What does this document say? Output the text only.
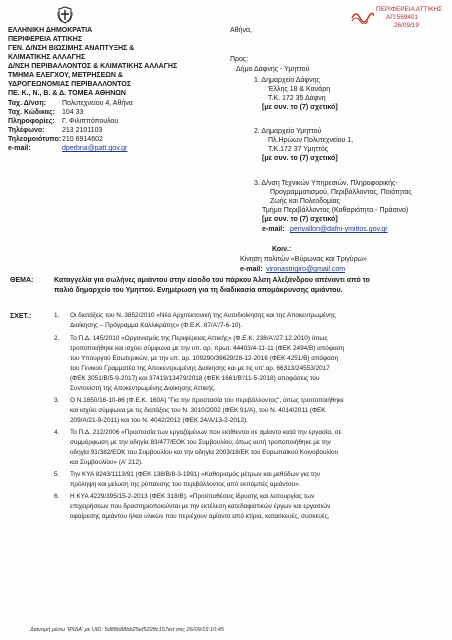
ΠΕΡΙΦΕΡΕΙΑ ΑΤΤΙΚΗΣ
ΑΠ:569401
26/09/19
ΕΛΛΗΝΙΚΗ ΔΗΜΟΚΡΑΤΙΑ
ΠΕΡΙΦΕΡΕΙΑ ΑΤΤΙΚΗΣ
ΓΕΝ. Δ/ΝΣΗ ΒΙΩΣΙΜΗΣ ΑΝΑΠΤΥΞΗΣ &
ΚΛΙΜΑΤΙΚΗΣ ΑΛΛΑΓΗΣ
Δ/ΝΣΗ ΠΕΡΙΒΑΛΛΟΝΤΟΣ & ΚΛΙΜΑΤΙΚΗΣ ΑΛΛΑΓΗΣ
ΤΜΗΜΑ ΕΛΕΓΧΟΥ, ΜΕΤΡΗΣΕΩΝ &
ΥΔΡΟΓΕΩΝΟΜΙΑΣ ΠΕΡΙΒΑΛΛΟΝΤΟΣ
ΠΕ. Κ., Ν., Β. & Δ. ΤΟΜΕΑ ΑΘΗΝΩΝ
Ταχ. Δ/νση: Πολυτεχνείου 4, Αθήνα
Ταχ. Κώδικας: 104 33
Πληροφορίες: Γ. Φιλιππόπουλου
Τηλέφωνο: 213 2101103
Τηλεομοιότυπο: 210 6914602
e-mail:	dperbna@patt.gov.gr
Αθήνα,
Προς:
Δήμο Δάφνης - Υμηττού
1. Δημαρχείο Δάφνης
Έλλης 18 & Κανάρη
Τ.Κ. 172 35 Δάφνη
[με συν. το (7) σχετικό]
2. Δημαρχείο Υμηττού
Πλ.Ηρώων Πολυτεχνείου 1,
Τ.Κ.172 37 Υμηττός
[με συν. το (7) σχετικό]
3. Δ/νση Τεχνικών Υπηρεσιών, Πληροφορικής-
Προγραμματισμού, Περιβάλλοντος, Ποιότητας
Ζωής και Πολεοδομίας
Τμήμα Περιβάλλοντος (Καθαριότητα - Πράσινο)
[με συν. το (7) σχετικό]
e-mail: perivallon@dafni-ymittos.gov.gr
Κοιν.:
Κίνηση πολιτών «Βύρωνας και Τριγύρω»
e-mail: vironastrigiro@gmail.com
ΘΕΜΑ:	Καταγγελία για σωλήνες αμιάντου στην είσοδο του πάρκου Άλση Αλεξάνδρου απέναντι από το
παλιό δημαρχείο του Υμηττού. Ενημέρωση για τη διαδικασία απομάκρυνσης αμιάντου.
ΣΧΕΤ.:	1. Οι διατάξεις του Ν. 3852/2010 «Νέα Αρχιτεκτονική της Αυτοδιοίκησης και της Αποκεντρωμένης
Διοίκησης – Πρόγραμμα Καλλικράτης» (Φ.Ε.Κ. 87/Α'/7-6-10).
2. Το Π.Δ. 145/2010 «Οργανισμός της Περιφέρειας Αττικής» (Φ.Ε.Κ. 238/Α'/27.12.2010) όπως
τροποποιήθηκε και ισχύει σύμφωνα με την υπ. αρ. πρωτ. 44403/4-11-11 (ΦΕΚ 2494/Β) απόφαση
του Υπουργού Εσωτερικών, με την υπ. αρ. 109290/39629/28-12-2016 (ΦΕΚ 4251/Β) απόφαση
του Γενικού Γραμματέα της Αποκεντρωμένης Διοίκησης και με τις υπ' αρ. 66313/24553/2017
(ΦΕΚ 3051/Β/5-9-2017) και 37419/13479/2018 (ΦΕΚ 1661/Β'/11-5-2018) αποφάσεις του
Συντονιστή της Αποκεντρωμένης Διοίκησης Αττικής.
3. Ο Ν.1650/16-10-86 (Φ.Ε.Κ. 160Α) "Για την προστασία του περιβάλλοντος", όπως τροποποιήθηκε
και ισχύει σύμφωνα με τις διατάξεις του Ν. 3010/2002 (ΦΕΚ 91/Α), του Ν. 4014/2011 (ΦΕΚ
209/Α/21-9-2011) και του Ν. 4042/2012 (ΦΕΚ 24/Α/13-2-2012).
4. Το Π.Δ. 212/2006 «Προστασία των εργαζομένων που εκτίθενται σε αμίαντο κατά την εργασία, σε
συμμόρφωση με την οδηγία 83/477/ΕΟΚ του Συμβουλίου, όπως αυτή τροποποιήθηκε με την
οδηγία 91/382/ΕΟΚ του Συμβουλίου και την οδηγία 2003/18/ΕΚ του Ευρωπαϊκού Κοινοβουλίου
και Συμβουλίου» (Α' 212).
5. Την ΚΥΑ 8243/1113/91 (ΦΕΚ 138/Β/8-3-1991) «Καθορισμός μέτρων και μεθόδων για την
πρόληψη και μείωση της ρύπανσης του περιβάλλοντος από εκπομπές αμιάντου».
6. Η ΚΥΑ 4229/395/15-2-2013 (ΦΕΚ 318/Β), «Προϋποθέσεις ίδρυσης και λειτουργίας των
επιχειρήσεων που δραστηριοποιούνται με την εκτέλεση κατεδαφιστικών έργων και εργασιών
αφαίρεσης αμιάντου ή/και υλικών που περιέχουν αμίαντο από κτίρια, κατασκευές, συσκευές,
Διανομή μέσω 'ΙΡΙΔΑ' με UID: 5d88b88bb25ef522ffc157ed στις 26/09/19 10:45
